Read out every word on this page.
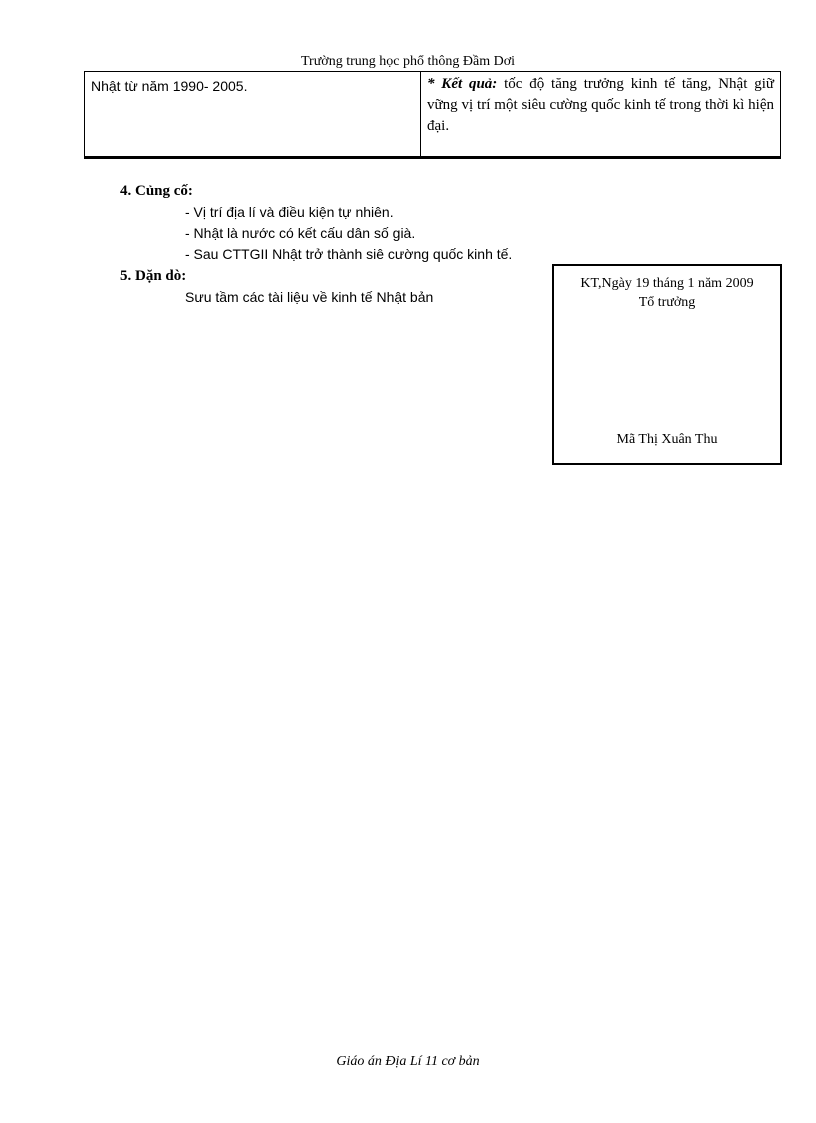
Trường trung học phổ thông Đầm Dơi
Nhật từ năm 1990- 2005.	* Kết quả: tốc độ tăng trưởng kinh tế tăng, Nhật giữ vững vị trí một siêu cường quốc kinh tế trong thời kì hiện đại.
4. Củng cố:
- Vị trí địa lí và điều kiện tự nhiên.
- Nhật là nước có kết cấu dân số già.
- Sau CTTGII Nhật trở thành siê cường quốc kinh tế.
5. Dặn dò:
Sưu tầm các tài liệu về kinh tế Nhật bản
KT,Ngày 19 tháng 1 năm 2009
Tổ trưởng
Mã Thị Xuân Thu
Giáo án Địa Lí 11 cơ bản
